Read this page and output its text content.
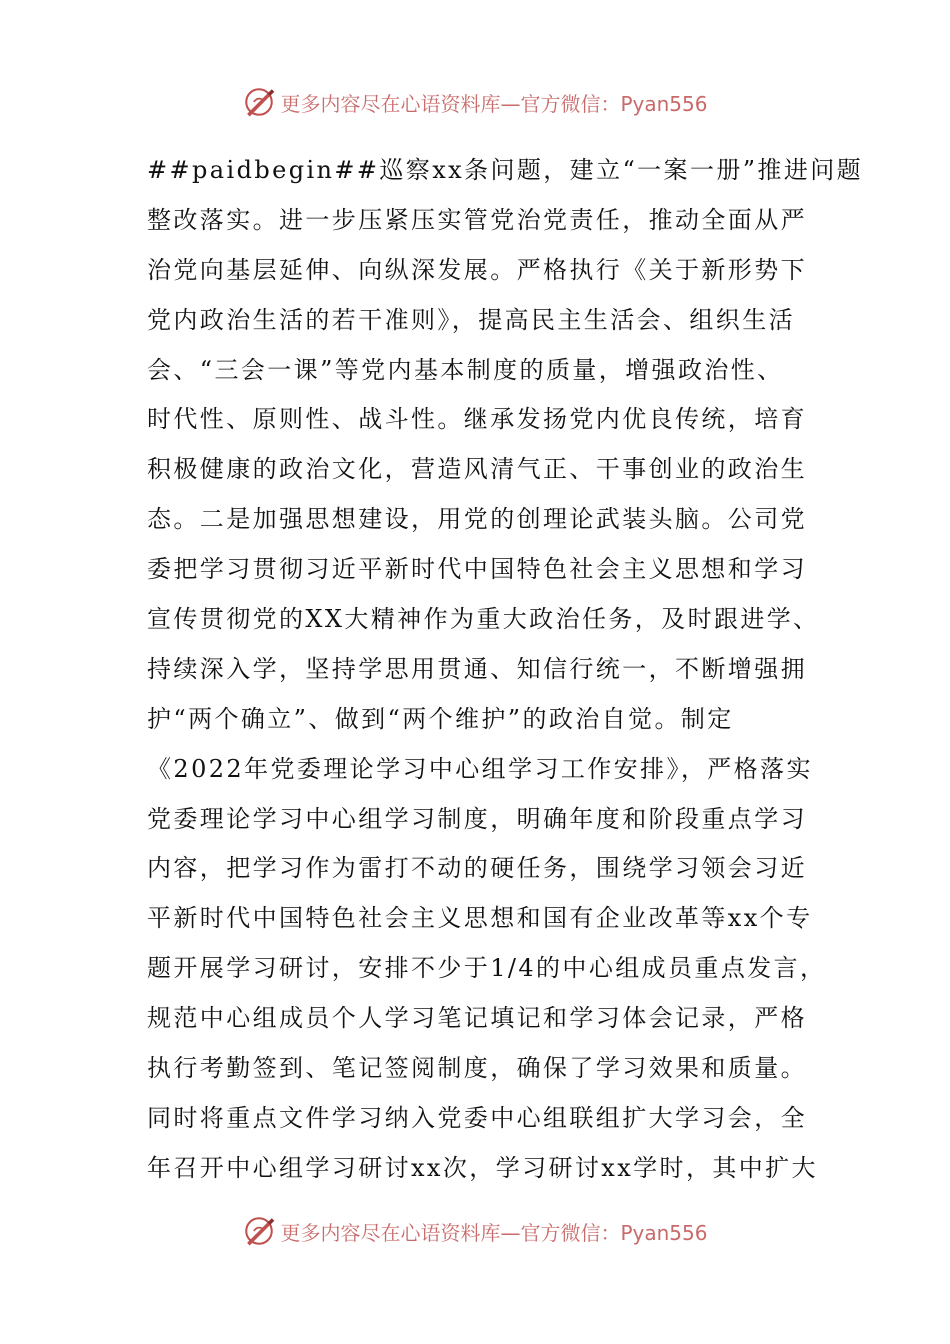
更多内容尽在心语资料库—官方微信：Pyan556
##paidbegin##巡察xx条问题，建立“一案一册”推进问题
整改落实。进一步压紧压实管党治党责任，推动全面从严
治党向基层延伸、向纵深发展。严格执行《关于新形势下
党内政治生活的若干准则》，提高民主生活会、组织生活
会、“三会一课”等党内基本制度的质量，增强政治性、
时代性、原则性、战斗性。继承发扬党内优良传统，培育
积极健康的政治文化，营造风清气正、干事创业的政治生
态。二是加强思想建设，用党的创理论武装头脑。公司党
委把学习贯彻习近平新时代中国特色社会主义思想和学习
宣传贯彻党的XX大精神作为重大政治任务，及时跟进学、
持续深入学，坚持学思用贯通、知信行统一，不断增强拥
护“两个确立”、做到“两个维护”的政治自觉。制定
《2022年党委理论学习中心组学习工作安排》，严格落实
党委理论学习中心组学习制度，明确年度和阶段重点学习
内容，把学习作为雷打不动的硬任务，围绕学习领会习近
平新时代中国特色社会主义思想和国有企业改革等xx个专
题开展学习研讨，安排不少于1/4的中心组成员重点发言，
规范中心组成员个人学习笔记填记和学习体会记录，严格
执行考勤签到、笔记签阅制度，确保了学习效果和质量。
同时将重点文件学习纳入党委中心组联组扩大学习会，全
年召开中心组学习研讨xx次，学习研讨xx学时，其中扩大
更多内容尽在心语资料库—官方微信：Pyan556
